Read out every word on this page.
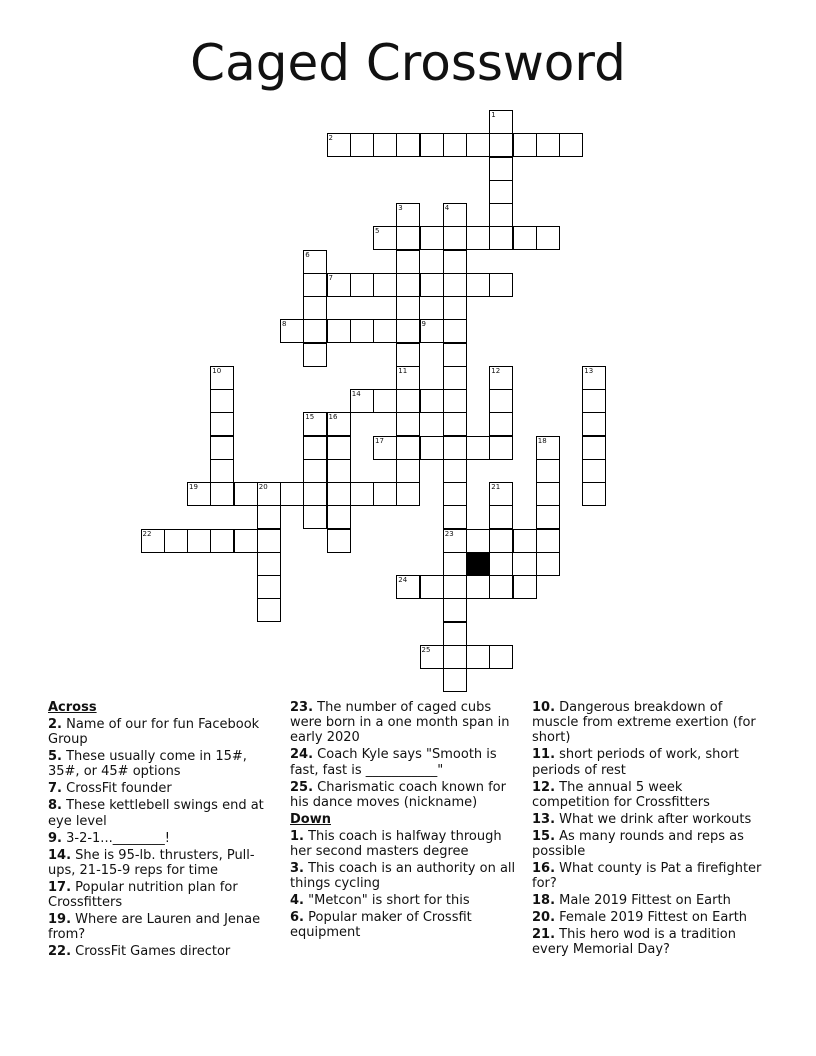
Caged Crossword
1
2
3	4
23
5
6
7
8	9
10	11	12	13
14
15 16
17	18
19	20	21
22
24
25
Across
2. Name of our for fun Facebook Group
5. These usually come in 15#, 35#, or 45# options
7. CrossFit founder
8. These kettlebell swings end at eye level
9. 3-2-1...________!
14. She is 95-lb. thrusters, Pull-ups, 21-15-9 reps for time
17. Popular nutrition plan for Crossfitters
19. Where are Lauren and Jenae from?
22. CrossFit Games director
23. The number of caged cubs were born in a one month span in early 2020
24. Coach Kyle says "Smooth is fast, fast is ___________"
25. Charismatic coach known for his dance moves (nickname)
Down
1. This coach is halfway through her second masters degree
3. This coach is an authority on all things cycling
4. "Metcon" is short for this
6. Popular maker of Crossfit equipment
10. Dangerous breakdown of muscle from extreme exertion (for short)
11. short periods of work, short periods of rest
12. The annual 5 week competition for Crossfitters
13. What we drink after workouts
15. As many rounds and reps as possible
16. What county is Pat a firefighter for?
18. Male 2019 Fittest on Earth
20. Female 2019 Fittest on Earth
21. This hero wod is a tradition every Memorial Day?
